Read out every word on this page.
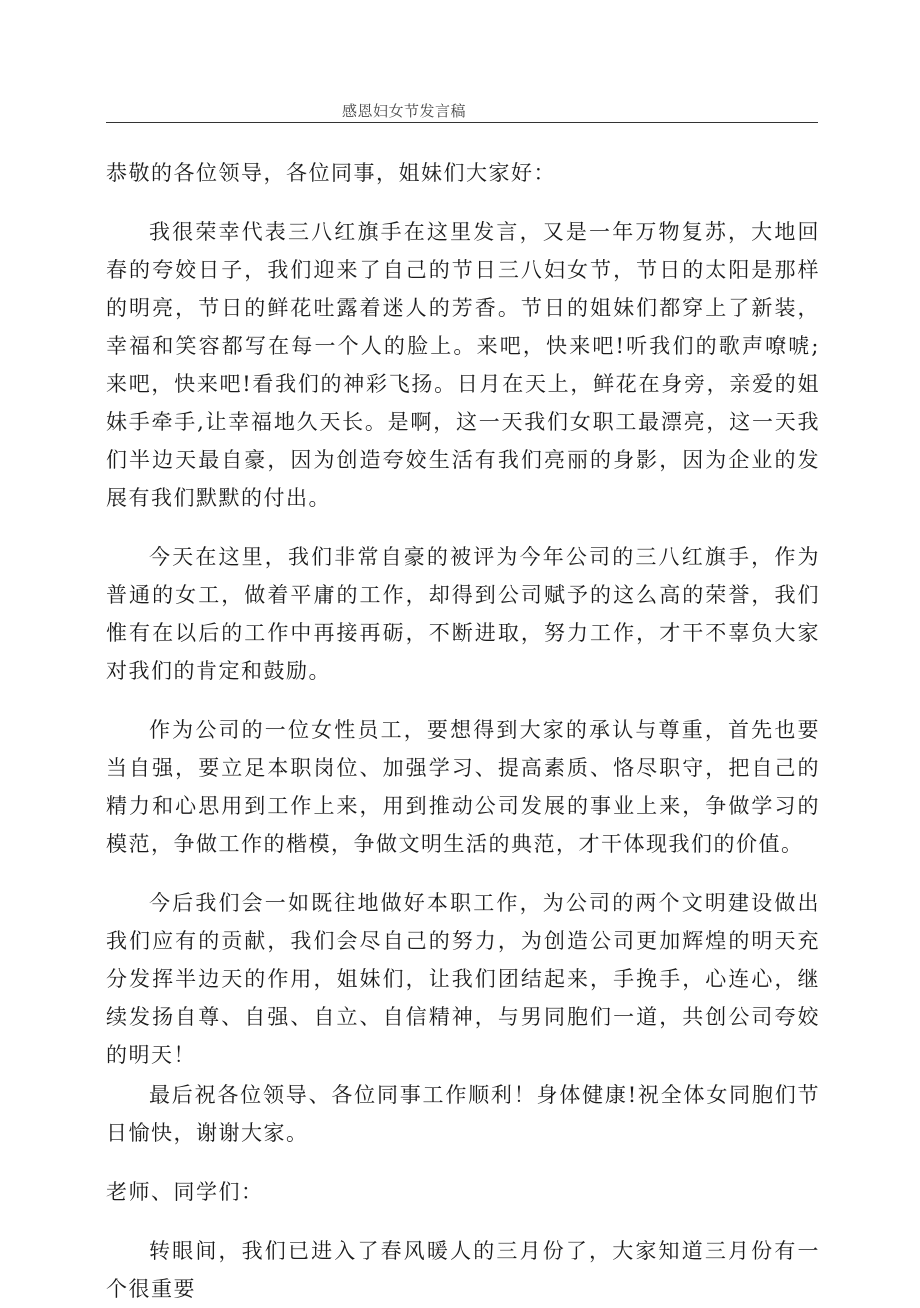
感恩妇女节发言稿

恭敬的各位领导，各位同事，姐妹们大家好：

我很荣幸代表三八红旗手在这里发言，又是一年万物复苏，大地回春的夸姣日子，我们迎来了自己的节日三八妇女节，节日的太阳是那样的明亮，节日的鲜花吐露着迷人的芳香。节日的姐妹们都穿上了新装，幸福和笑容都写在每一个人的脸上。来吧，快来吧!听我们的歌声嘹唬;来吧，快来吧!看我们的神彩飞扬。日月在天上，鲜花在身旁，亲爱的姐妹手牵手,让幸福地久天长。是啊，这一天我们女职工最漂亮，这一天我们半边天最自豪，因为创造夸姣生活有我们亮丽的身影，因为企业的发展有我们默默的付出。

今天在这里，我们非常自豪的被评为今年公司的三八红旗手，作为普通的女工，做着平庸的工作，却得到公司赋予的这么高的荣誉，我们惟有在以后的工作中再接再砺，不断进取，努力工作，才干不辜负大家对我们的肯定和鼓励。

作为公司的一位女性员工，要想得到大家的承认与尊重，首先也要当自强，要立足本职岗位、加强学习、提高素质、恪尽职守，把自己的精力和心思用到工作上来，用到推动公司发展的事业上来，争做学习的模范，争做工作的楷模，争做文明生活的典范，才干体现我们的价值。

今后我们会一如既往地做好本职工作，为公司的两个文明建设做出我们应有的贡献，我们会尽自己的努力，为创造公司更加辉煌的明天充分发挥半边天的作用，姐妹们，让我们团结起来，手挽手，心连心，继续发扬自尊、自强、自立、自信精神，与男同胞们一道，共创公司夸姣的明天！

最后祝各位领导、各位同事工作顺利！身体健康!祝全体女同胞们节日愉快，谢谢大家。

老师、同学们：

转眼间，我们已进入了春风暖人的三月份了，大家知道三月份有一个很重要
